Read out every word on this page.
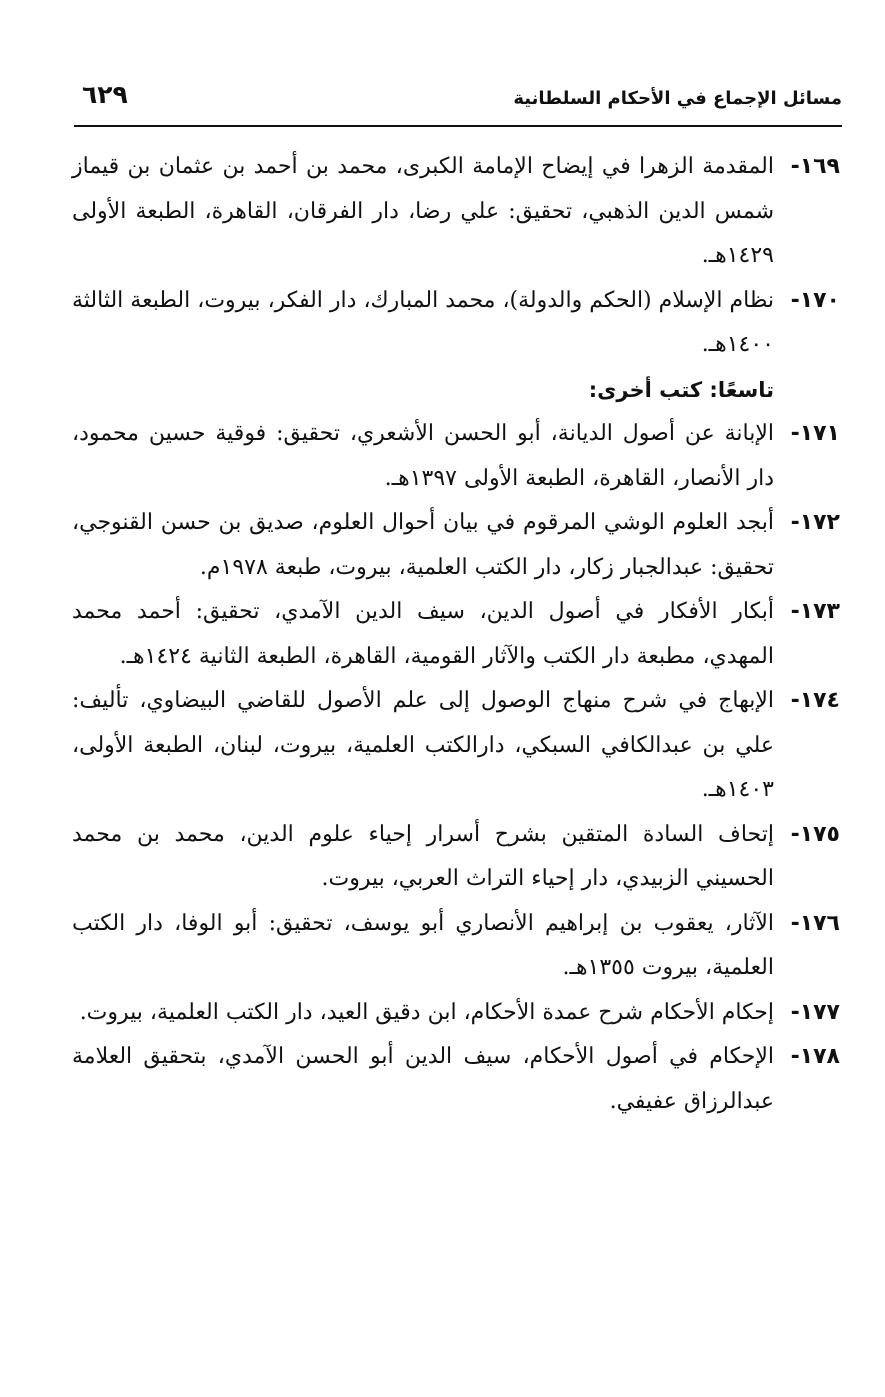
٦٢٩	مسائل الإجماع في الأحكام السلطانية
١٦٩-
المقدمة الزهرا في إيضاح الإمامة الكبرى، محمد بن أحمد بن عثمان بن قيماز شمس الدين الذهبي، تحقيق: علي رضا، دار الفرقان، القاهرة، الطبعة الأولى ١٤٢٩هـ.
١٧٠-
نظام الإسلام (الحكم والدولة)، محمد المبارك، دار الفكر، بيروت، الطبعة الثالثة ١٤٠٠هـ.
تاسعًا: كتب أخرى:
١٧١-
الإبانة عن أصول الديانة، أبو الحسن الأشعري، تحقيق: فوقية حسين محمود، دار الأنصار، القاهرة، الطبعة الأولى ١٣٩٧هـ.
١٧٢-
أبجد العلوم الوشي المرقوم في بيان أحوال العلوم، صديق بن حسن القنوجي، تحقيق: عبدالجبار زكار، دار الكتب العلمية، بيروت، طبعة ١٩٧٨م.
١٧٣-
أبكار الأفكار في أصول الدين، سيف الدين الآمدي، تحقيق: أحمد محمد المهدي، مطبعة دار الكتب والآثار القومية، القاهرة، الطبعة الثانية ١٤٢٤هـ.
١٧٤-
الإبهاج في شرح منهاج الوصول إلى علم الأصول للقاضي البيضاوي، تأليف: علي بن عبدالكافي السبكي، دارالكتب العلمية، بيروت، لبنان، الطبعة الأولى، ١٤٠٣هـ.
١٧٥-
إتحاف السادة المتقين بشرح أسرار إحياء علوم الدين، محمد بن محمد الحسيني الزبيدي، دار إحياء التراث العربي، بيروت.
١٧٦-
الآثار، يعقوب بن إبراهيم الأنصاري أبو يوسف، تحقيق: أبو الوفا، دار الكتب العلمية، بيروت ١٣٥٥هـ.
١٧٧-
إحكام الأحكام شرح عمدة الأحكام، ابن دقيق العيد، دار الكتب العلمية، بيروت.
١٧٨-
الإحكام في أصول الأحكام، سيف الدين أبو الحسن الآمدي، بتحقيق العلامة عبدالرزاق عفيفي.
